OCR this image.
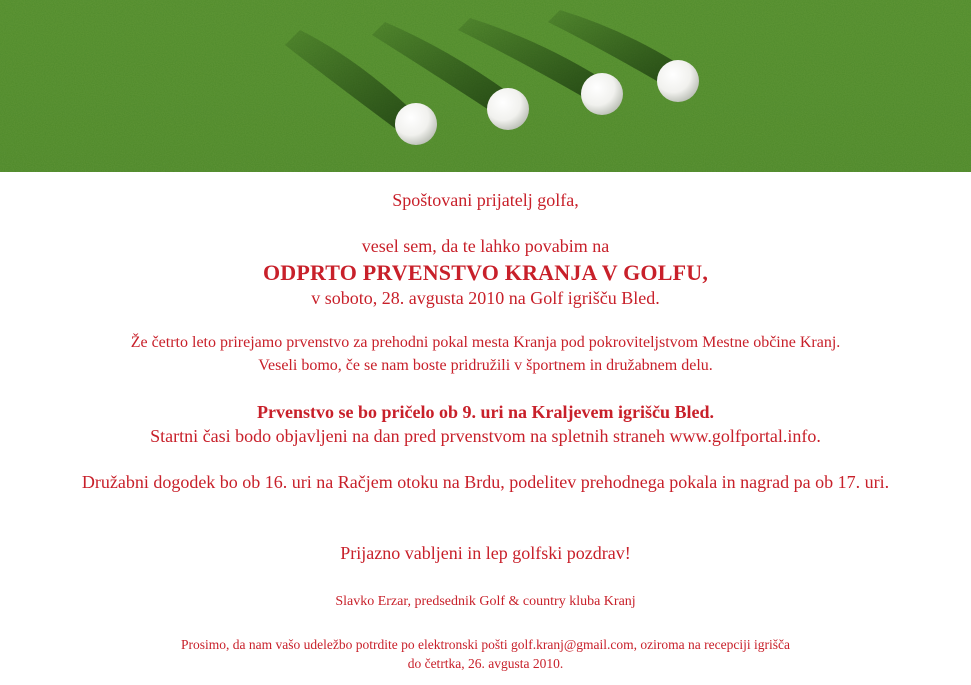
Spoštovani prijatelj golfa,
vesel sem, da te lahko povabim na
ODPRTO PRVENSTVO KRANJA V GOLFU,
v soboto, 28. avgusta 2010 na Golf igrišču Bled.
Že četrto leto prirejamo prvenstvo za prehodni pokal mesta Kranja pod pokroviteljstvom Mestne občine Kranj.
Veseli bomo, če se nam boste pridružili v športnem in družabnem delu.
Prvenstvo se bo pričelo ob 9. uri na Kraljevem igrišču Bled.
Startni časi bodo objavljeni na dan pred prvenstvom na spletnih straneh www.golfportal.info.
Družabni dogodek bo ob 16. uri na Račjem otoku na Brdu, podelitev prehodnega pokala in nagrad pa ob 17. uri.
Prijazno vabljeni in lep golfski pozdrav!
Slavko Erzar, predsednik Golf & country kluba Kranj
Prosimo, da nam vašo udeležbo potrdite po elektronski pošti golf.kranj@gmail.com, oziroma na recepciji igrišča
do četrtka, 26. avgusta 2010.
